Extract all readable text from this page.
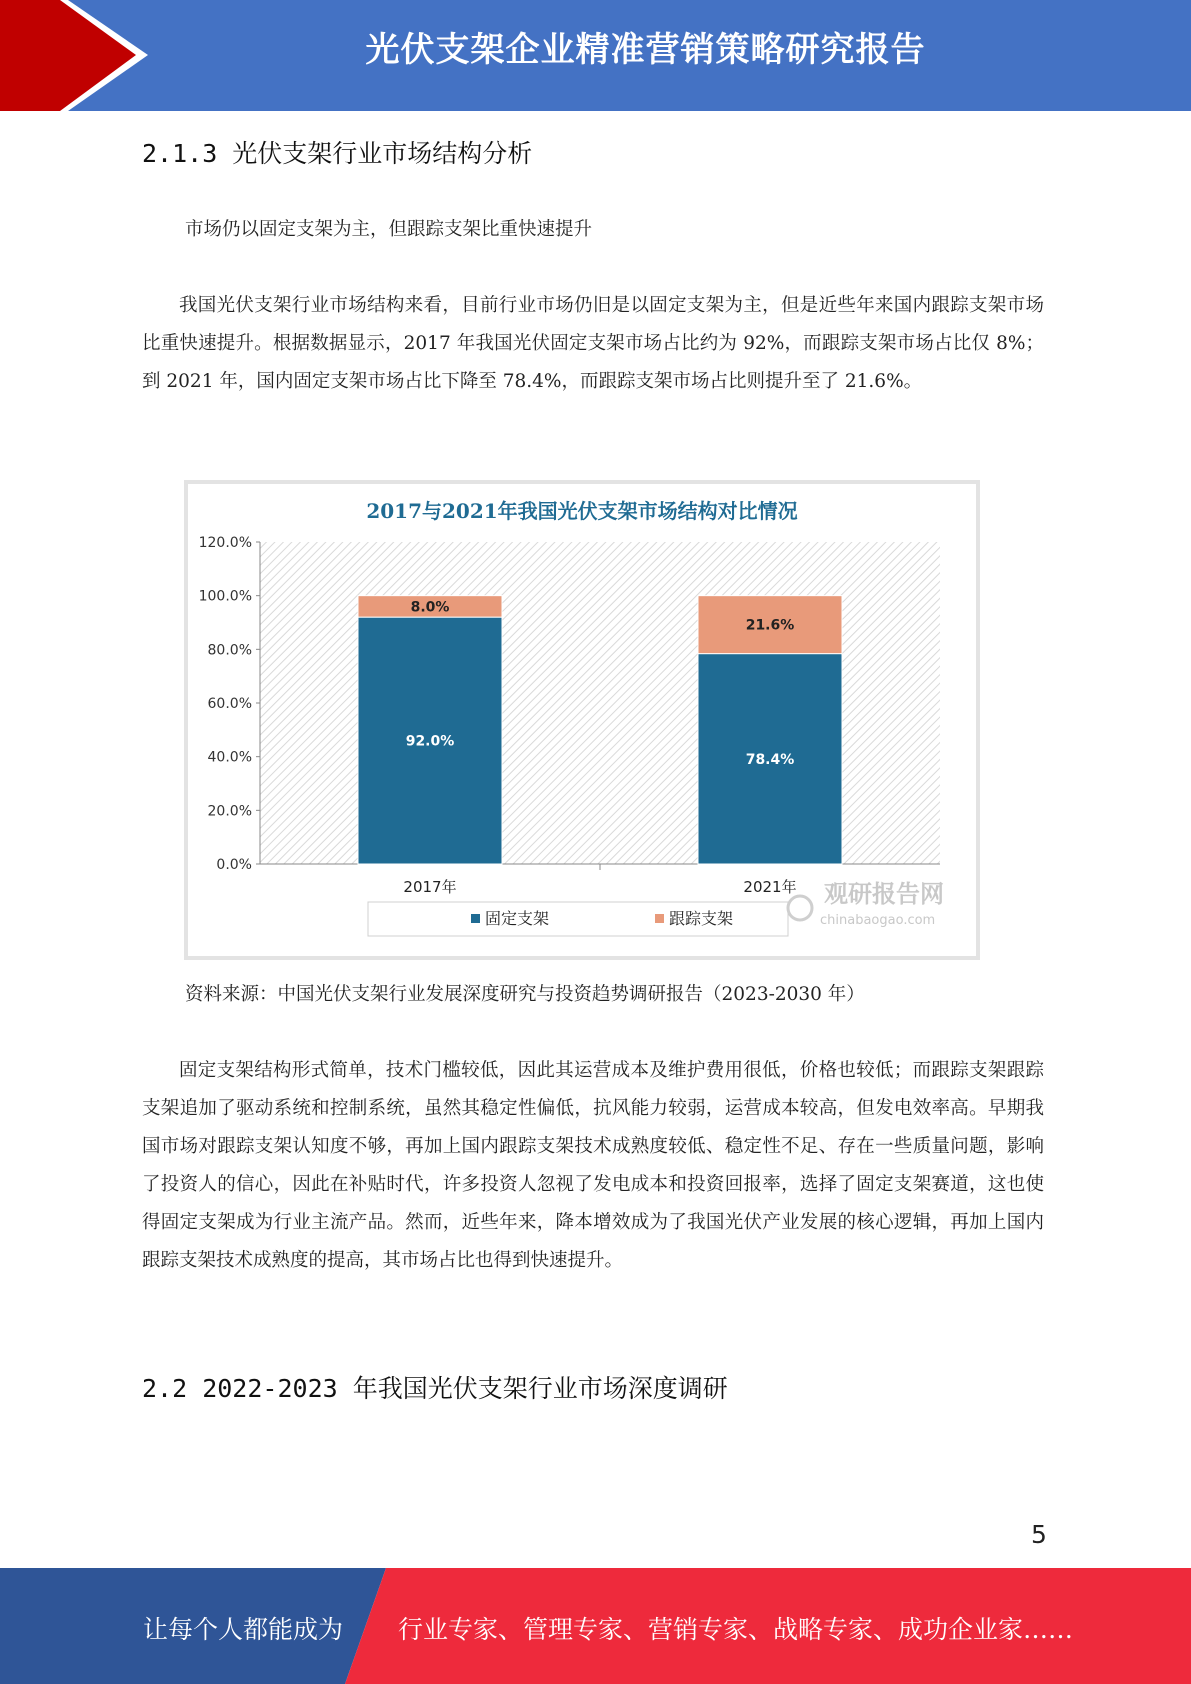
光伏支架企业精准营销策略研究报告
2.1.3 光伏支架行业市场结构分析

市场仍以固定支架为主，但跟踪支架比重快速提升

我国光伏支架行业市场结构来看，目前行业市场仍旧是以固定支架为主，但是近些年来国内跟踪支架市场比重快速提升。根据数据显示，2017 年我国光伏固定支架市场占比约为 92%，而跟踪支架市场占比仅 8%；到 2021 年，国内固定支架市场占比下降至 78.4%，而跟踪支架市场占比则提升至了 21.6%。

2017与2021年我国光伏支架市场结构对比情况
0.0%
20.0%
40.0%
60.0%
80.0%
100.0%
120.0%
92.0%
8.0%
2017年
78.4%
21.6%
2021年
固定支架	跟踪支架
观研报告网
chinabaogao.com
资料来源：中国光伏支架行业发展深度研究与投资趋势调研报告（2023-2030 年）

固定支架结构形式简单，技术门槛较低，因此其运营成本及维护费用很低，价格也较低；而跟踪支架跟踪支架追加了驱动系统和控制系统，虽然其稳定性偏低，抗风能力较弱，运营成本较高，但发电效率高。早期我国市场对跟踪支架认知度不够，再加上国内跟踪支架技术成熟度较低、稳定性不足、存在一些质量问题，影响了投资人的信心，因此在补贴时代，许多投资人忽视了发电成本和投资回报率，选择了固定支架赛道，这也使得固定支架成为行业主流产品。然而，近些年来，降本增效成为了我国光伏产业发展的核心逻辑，再加上国内跟踪支架技术成熟度的提高，其市场占比也得到快速提升。

2.2 2022-2023 年我国光伏支架行业市场深度调研
5
让每个人都能成为 行业专家、管理专家、营销专家、战略专家、成功企业家……
